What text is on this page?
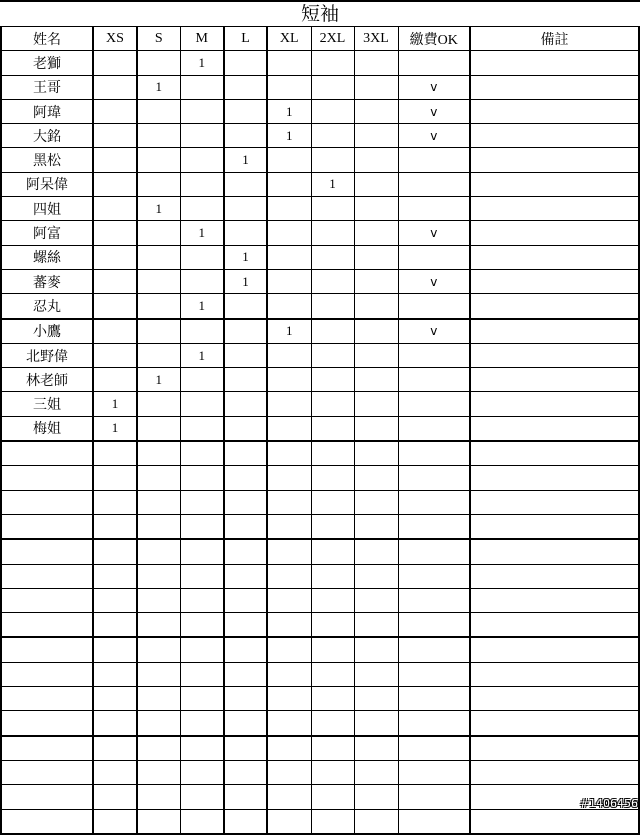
短袖
姓名	XS	S	M	L	XL	2XL	3XL	繳費OK	備註
老獅			1						
王哥		1						v	
阿瑋					1			v	
大銘					1			v	
黑松				1					
阿呆偉						1			
四姐		1							
阿富			1					v	
螺絲				1					
蕃麥				1				v	
忍丸			1						
小鷹					1			v	
北野偉			1						
林老師		1							
三姐	1								
梅姐	1								

#1406456
